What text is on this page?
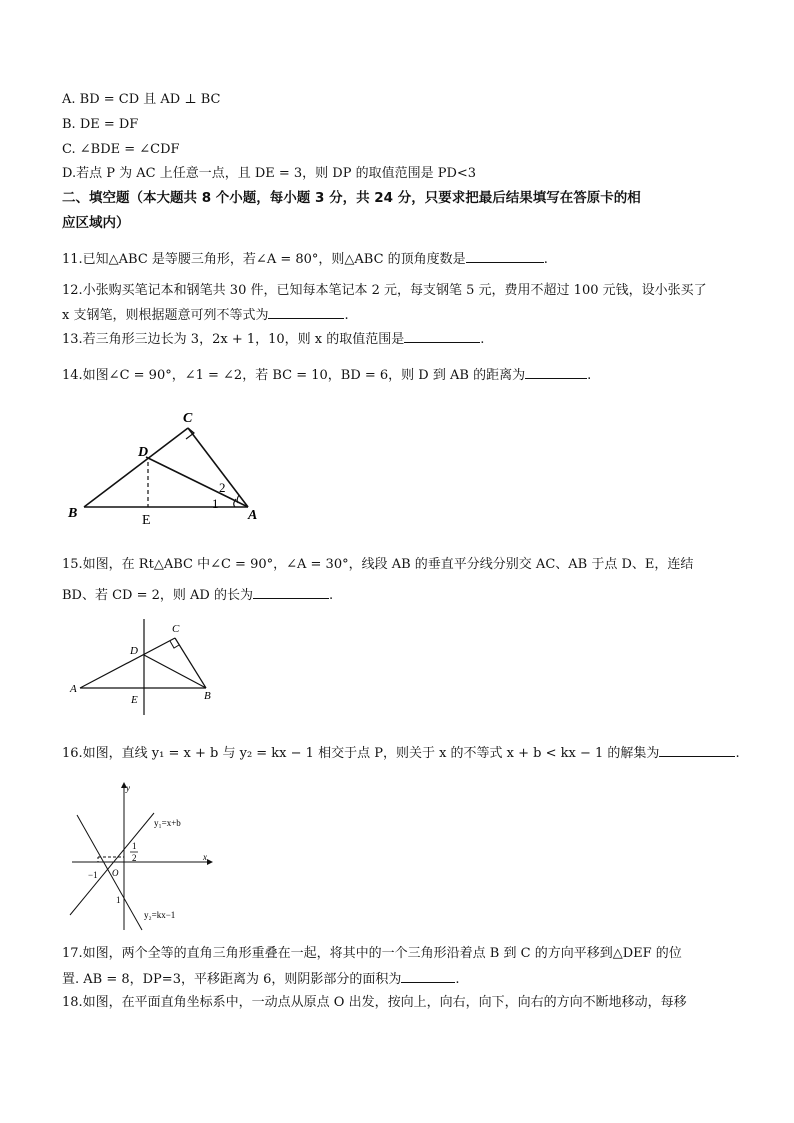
A. BD = CD 且 AD ⊥ BC
B. DE = DF
C. ∠BDE = ∠CDF
D.若点 P 为 AC 上任意一点，且 DE = 3，则 DP 的取值范围是 PD<3
二、填空题（本大题共 8 个小题，每小题 3 分，共 24 分，只要求把最后结果填写在答原卡的相
应区域内）
11.已知△ABC 是等腰三角形，若∠A = 80°，则△ABC 的顶角度数是	.
12.小张购买笔记本和钢笔共 30 件，已知每本笔记本 2 元，每支钢笔 5 元，费用不超过 100 元钱，设小张买了
x 支钢笔，则根据题意可列不等式为	.
13.若三角形三边长为 3，2x + 1，10，则 x 的取值范围是	.
14.如图∠C = 90°，∠1 = ∠2，若 BC = 10，BD = 6，则 D 到 AB 的距离为	.
C
D
B	E	A
1
2
15.如图，在 Rt△ABC 中∠C = 90°，∠A = 30°，线段 AB 的垂直平分线分别交 AC、AB 于点 D、E，连结
BD、若 CD = 2，则 AD 的长为	.
C
D
A
E	B
16.如图，直线 y₁ = x + b 与 y₂ = kx − 1 相交于点 P，则关于 x 的不等式 x + b < kx − 1 的解集为	.
y
x
O
−1
1
2
1
y₁=x+b
y₂=kx−1
17.如图，两个全等的直角三角形重叠在一起，将其中的一个三角形沿着点 B 到 C 的方向平移到△DEF 的位
置. AB = 8，DP=3，平移距离为 6，则阴影部分的面积为	.
18.如图，在平面直角坐标系中，一动点从原点 O 出发，按向上，向右，向下，向右的方向不断地移动，每移
